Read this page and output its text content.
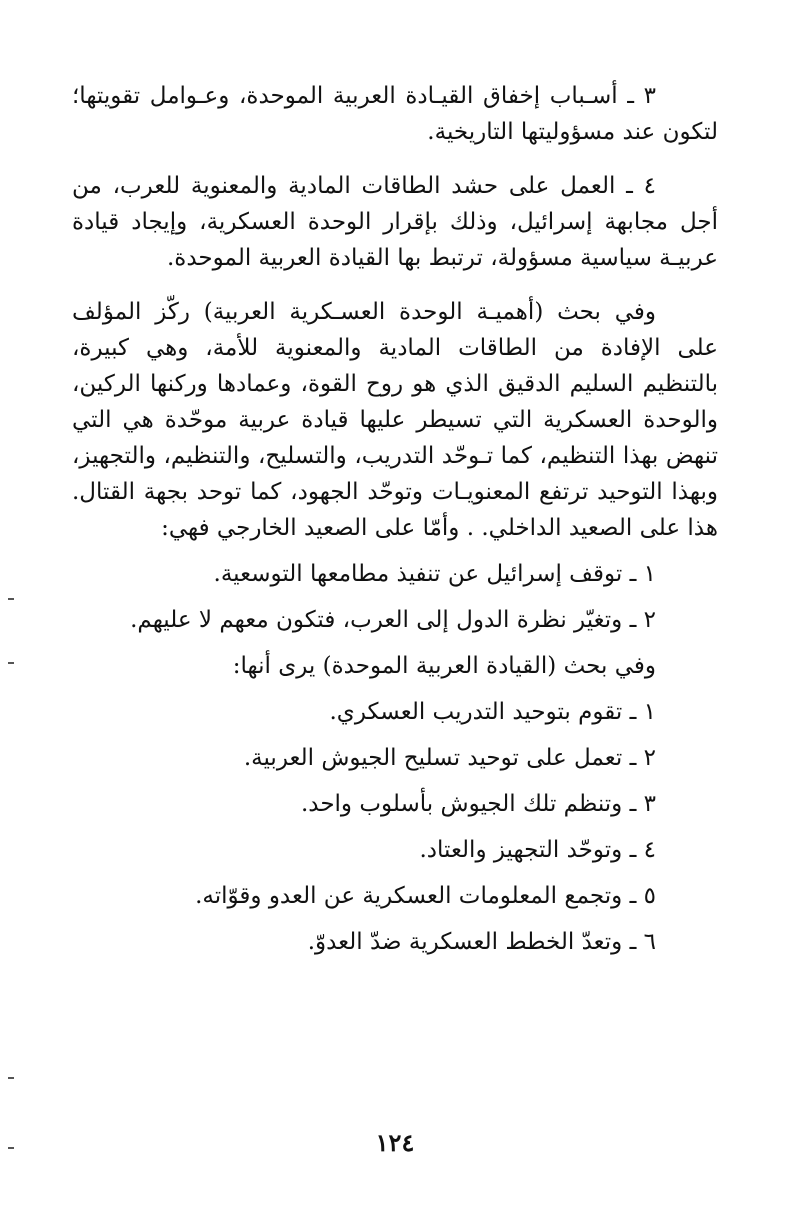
٣ ـ أسـباب إخفاق القيـادة العربية الموحدة، وعـوامل تقويتها؛ لتكون عند مسؤوليتها التاريخية.

٤ ـ العمل على حشد الطاقات المادية والمعنوية للعرب، من أجل مجابهة إسرائيل، وذلك بإقرار الوحدة العسكرية، وإيجاد قيادة عربيـة سياسية مسؤولة، ترتبط بها القيادة العربية الموحدة.

وفي بحث (أهميـة الوحدة العسـكرية العربية) ركّز المؤلف على الإفادة من الطاقات المادية والمعنوية للأمة، وهي كبيرة، بالتنظيم السليم الدقيق الذي هو روح القوة، وعمادها وركنها الركين، والوحدة العسكرية التي تسيطر عليها قيادة عربية موحّدة هي التي تنهض بهذا التنظيم، كما تـوحّد التدريب، والتسليح، والتنظيم، والتجهيز، وبهذا التوحيد ترتفع المعنويـات وتوحّد الجهود، كما توحد بجهة القتال. هذا على الصعيد الداخلي. . وأمّا على الصعيد الخارجي فهي:

١ ـ توقف إسرائيل عن تنفيذ مطامعها التوسعية.

٢ ـ وتغيّر نظرة الدول إلى العرب، فتكون معهم لا عليهم.

وفي بحث (القيادة العربية الموحدة) يرى أنها:

١ ـ تقوم بتوحيد التدريب العسكري.

٢ ـ تعمل على توحيد تسليح الجيوش العربية.

٣ ـ وتنظم تلك الجيوش بأسلوب واحد.

٤ ـ وتوحّد التجهيز والعتاد.

٥ ـ وتجمع المعلومات العسكرية عن العدو وقوّاته.

٦ ـ وتعدّ الخطط العسكرية ضدّ العدوّ.

١٢٤
